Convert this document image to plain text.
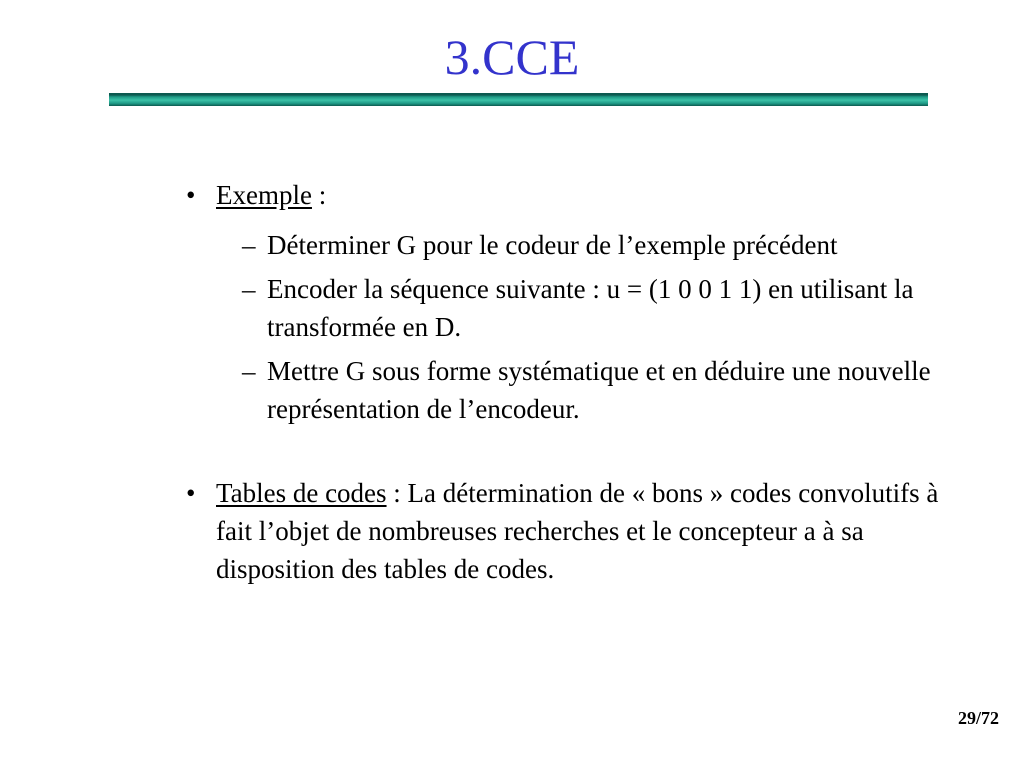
3.CCE
• Exemple :
– Déterminer G pour le codeur de l’exemple précédent
– Encoder la séquence suivante : u = (1 0 0 1 1) en utilisant la transformée en D.
– Mettre G sous forme systématique et en déduire une nouvelle représentation de l’encodeur.
• Tables de codes : La détermination de « bons » codes convolutifs à fait l’objet de nombreuses recherches et le concepteur a à sa disposition des tables de codes.
29/72
